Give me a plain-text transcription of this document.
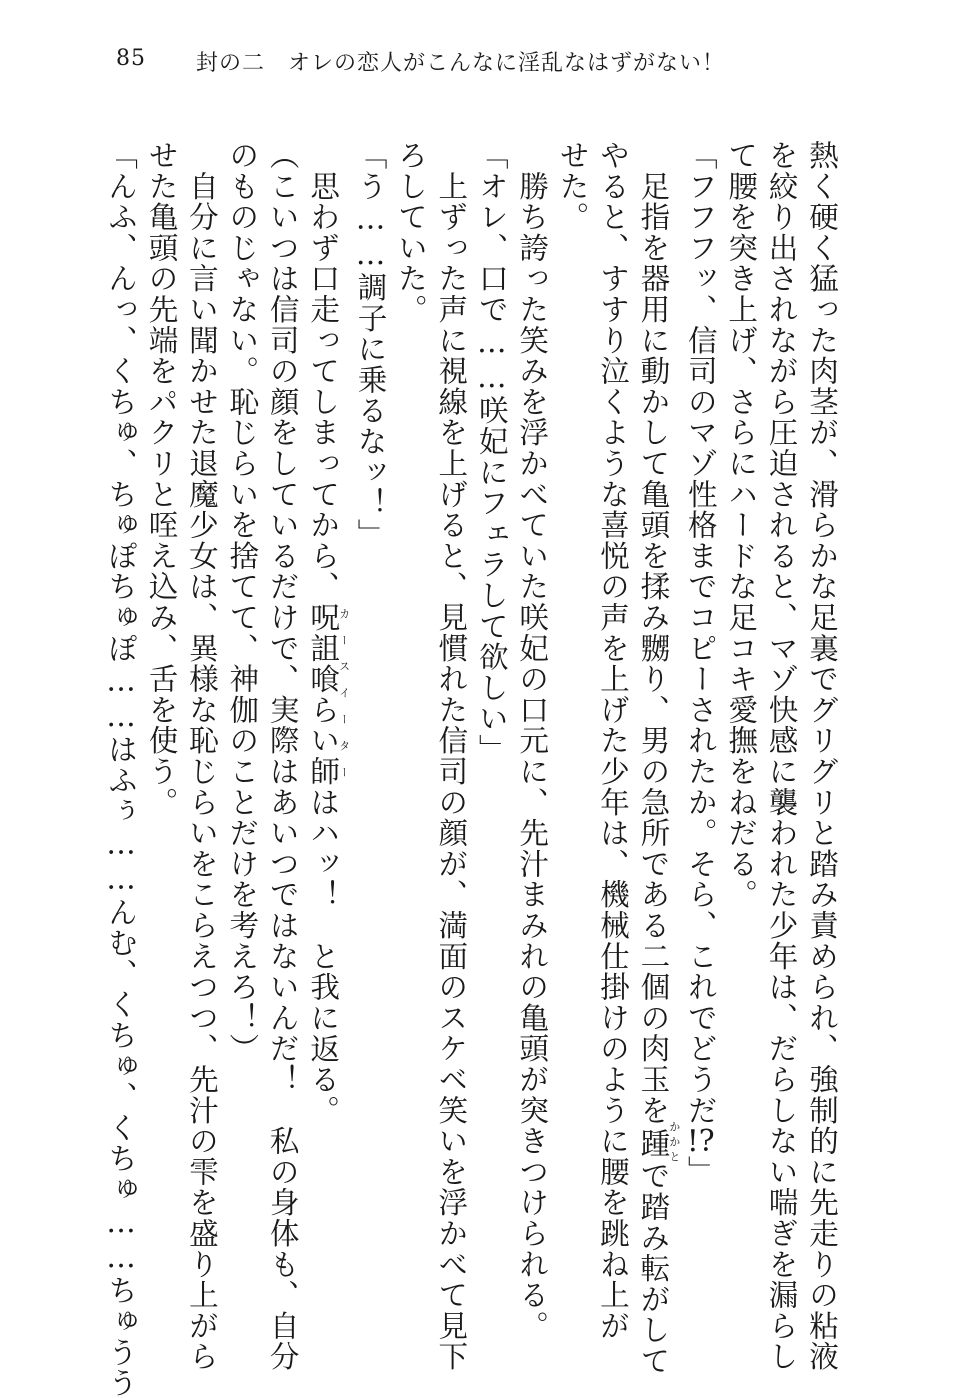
85 封の二　オレの恋人がこんなに淫乱なはずがない！

熱く硬く猛った肉茎が、滑らかな足裏でグリグリと踏み責められ、強制的に先走りの粘液

を絞り出されながら圧迫されると、マゾ快感に襲われた少年は、だらしない喘ぎを漏らし

て腰を突き上げ、さらにハードな足コキ愛撫をねだる。

「フフフッ、信司のマゾ性格までコピーされたか。そら、これでどうだ!?」

　足指を器用に動かして亀頭を揉み嬲り、男の急所である二個の肉玉を踵かかとで踏み転がして

やると、すすり泣くような喜悦の声を上げた少年は、機械仕掛けのように腰を跳ね上が

せた。

　勝ち誇った笑みを浮かべていた咲妃の口元に、先汁まみれの亀頭が突きつけられる。

「オレ、口で……咲妃にフェラして欲しい」

　上ずった声に視線を上げると、見慣れた信司の顔が、満面のスケベ笑いを浮かべて見下

ろしていた。

「う……調子に乗るなッ！」

　思わず口走ってしまってから、呪詛喰らい師カースイーターはハッ！　と我に返る。

（こいつは信司の顔をしているだけで、実際はあいつではないんだ！　私の身体も、自分

のものじゃない。恥じらいを捨てて、神伽のことだけを考えろ！）

　自分に言い聞かせた退魔少女は、異様な恥じらいをこらえつつ、先汁の雫を盛り上がら

せた亀頭の先端をパクリと咥え込み、舌を使う。

「んふ、んっ、くちゅ、ちゅぽちゅぽ……はふぅ……んむ、くちゅ、くちゅ……ちゅうう
